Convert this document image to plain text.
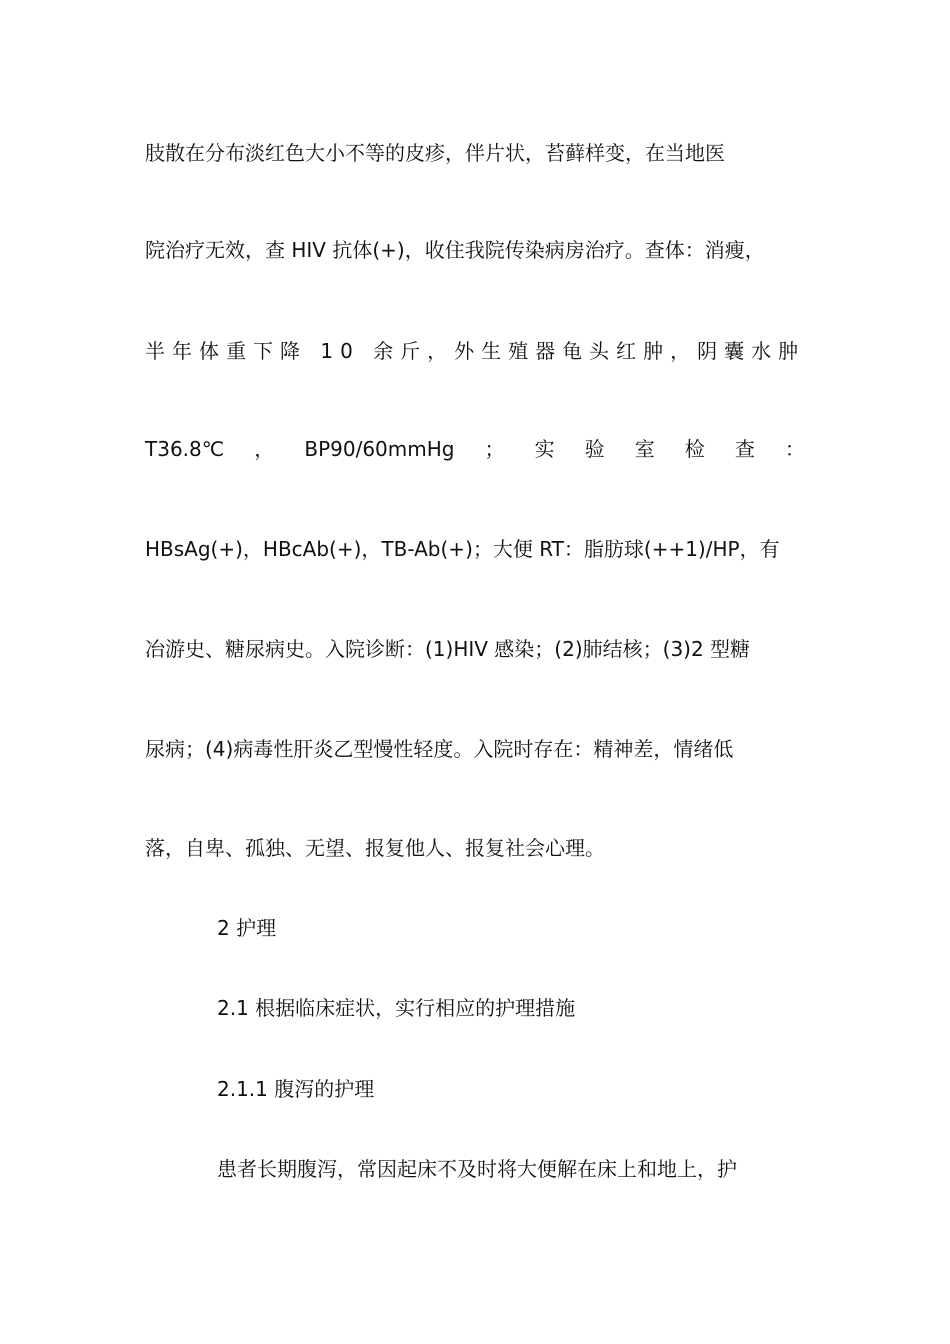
肢散在分布淡红色大小不等的皮疹，伴片状，苔藓样变，在当地医

院治疗无效，查 HIV 抗体(+)，收住我院传染病房治疗。查体：消瘦，

半年体重下降 10 余斤，外生殖器龟头红肿，阴囊水肿

T36.8℃ ， BP90/60mmHg ； 实 验 室 检 查 ：

HBsAg(+)，HBcAb(+)，TB-Ab(+)；大便 RT：脂肪球(++1)/HP，有

冶游史、糖尿病史。入院诊断：(1)HIV 感染；(2)肺结核；(3)2 型糖

尿病；(4)病毒性肝炎乙型慢性轻度。入院时存在：精神差，情绪低

落，自卑、孤独、无望、报复他人、报复社会心理。

2 护理

2.1 根据临床症状，实行相应的护理措施

2.1.1 腹泻的护理

患者长期腹泻，常因起床不及时将大便解在床上和地上，护
